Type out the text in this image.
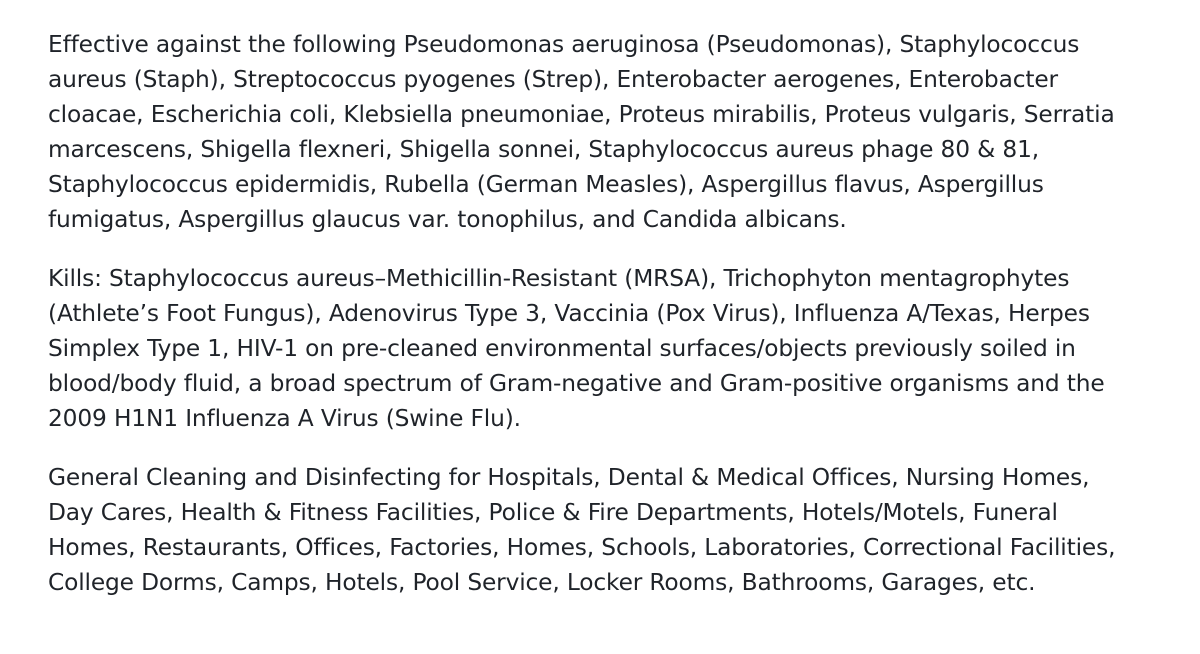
Effective against the following Pseudomonas aeruginosa (Pseudomonas), Staphylococcus aureus (Staph), Streptococcus pyogenes (Strep), Enterobacter aerogenes, Enterobacter cloacae, Escherichia coli, Klebsiella pneumoniae, Proteus mirabilis, Proteus vulgaris, Serratia marcescens, Shigella flexneri, Shigella sonnei, Staphylococcus aureus phage 80 & 81, Staphylococcus epidermidis, Rubella (German Measles), Aspergillus flavus, Aspergillus fumigatus, Aspergillus glaucus var. tonophilus, and Candida albicans.

Kills: Staphylococcus aureus–Methicillin-Resistant (MRSA), Trichophyton mentagrophytes (Athlete’s Foot Fungus), Adenovirus Type 3, Vaccinia (Pox Virus), Influenza A/Texas, Herpes Simplex Type 1, HIV-1 on pre-cleaned environmental surfaces/objects previously soiled in blood/body fluid, a broad spectrum of Gram-negative and Gram-positive organisms and the 2009 H1N1 Influenza A Virus (Swine Flu).

General Cleaning and Disinfecting for Hospitals, Dental & Medical Offices, Nursing Homes, Day Cares, Health & Fitness Facilities, Police & Fire Departments, Hotels/Motels, Funeral Homes, Restaurants, Offices, Factories, Homes, Schools, Laboratories, Correctional Facilities, College Dorms, Camps, Hotels, Pool Service, Locker Rooms, Bathrooms, Garages, etc.
